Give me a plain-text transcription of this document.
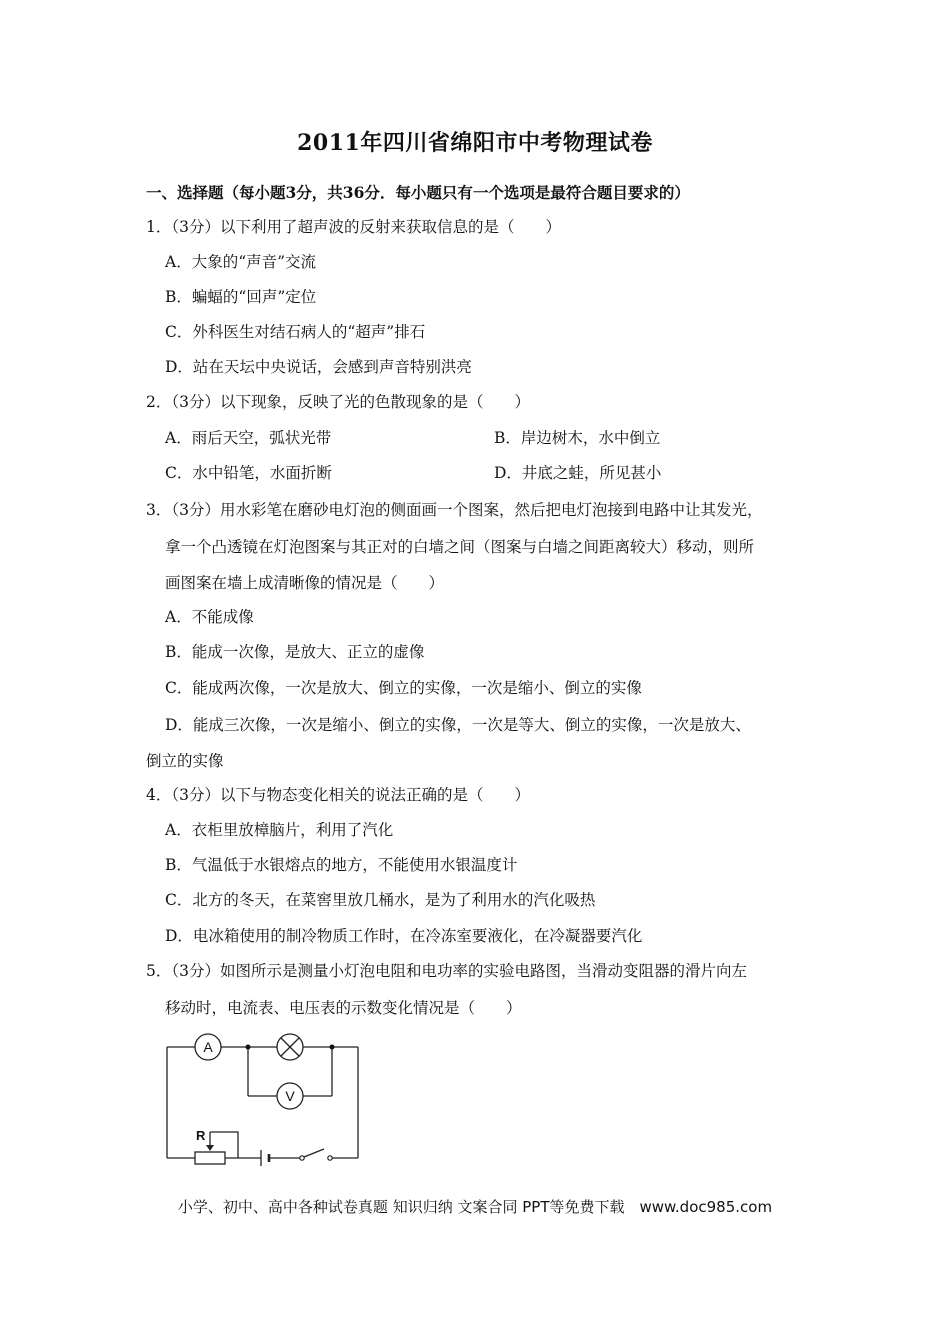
2011年四川省绵阳市中考物理试卷
一、选择题（每小题3分，共36分．每小题只有一个选项是最符合题目要求的）
1．（3分）以下利用了超声波的反射来获取信息的是（　　）
A．大象的“声音”交流
B．蝙蝠的“回声”定位
C．外科医生对结石病人的“超声”排石
D．站在天坛中央说话，会感到声音特别洪亮
2．（3分）以下现象，反映了光的色散现象的是（　　）
A．雨后天空，弧状光带	B．岸边树木，水中倒立
C．水中铅笔，水面折断	D．井底之蛙，所见甚小
3．（3分）用水彩笔在磨砂电灯泡的侧面画一个图案，然后把电灯泡接到电路中让其发光，
拿一个凸透镜在灯泡图案与其正对的白墙之间（图案与白墙之间距离较大）移动，则所
画图案在墙上成清晰像的情况是（　　）
A．不能成像
B．能成一次像，是放大、正立的虚像
C．能成两次像，一次是放大、倒立的实像，一次是缩小、倒立的实像
D．能成三次像，一次是缩小、倒立的实像，一次是等大、倒立的实像，一次是放大、
倒立的实像
4．（3分）以下与物态变化相关的说法正确的是（　　）
A．衣柜里放樟脑片，利用了汽化
B．气温低于水银熔点的地方，不能使用水银温度计
C．北方的冬天，在菜窖里放几桶水，是为了利用水的汽化吸热
D．电冰箱使用的制冷物质工作时，在冷冻室要液化，在冷凝器要汽化
5．（3分）如图所示是测量小灯泡电阻和电功率的实验电路图，当滑动变阻器的滑片向左
移动时，电流表、电压表的示数变化情况是（　　）
A
V
R
小学、初中、高中各种试卷真题 知识归纳 文案合同 PPT等免费下载　www.doc985.com
